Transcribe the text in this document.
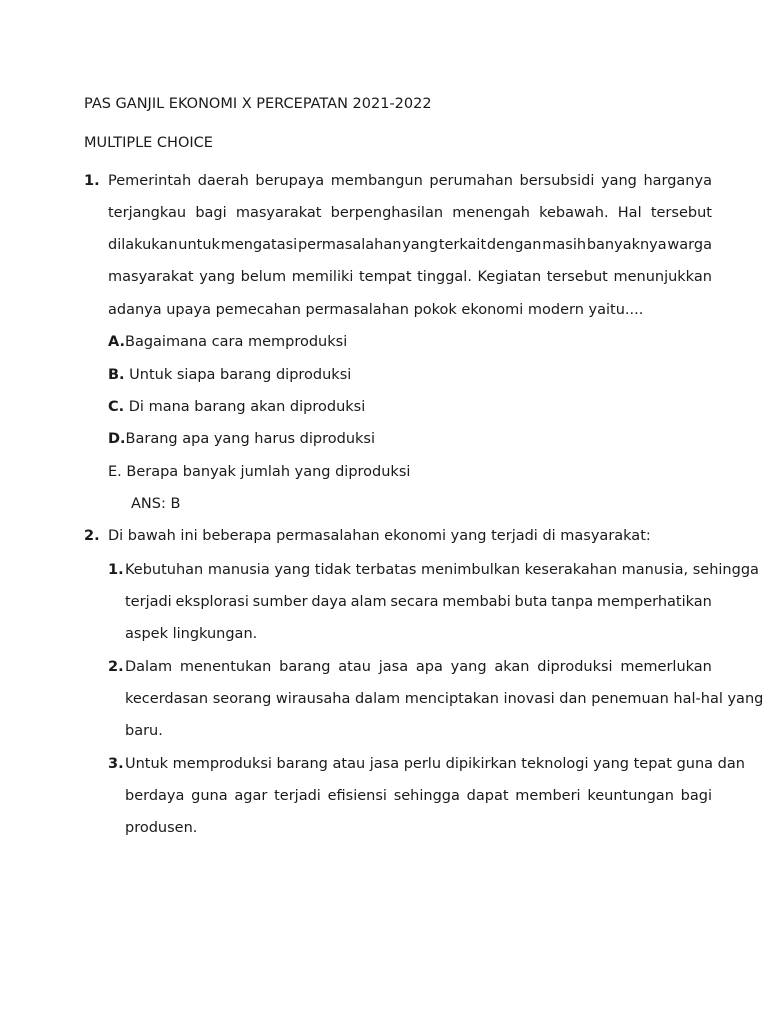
PAS GANJIL EKONOMI X PERCEPATAN 2021-2022
MULTIPLE CHOICE
1. Pemerintah daerah berupaya membangun perumahan bersubsidi yang harganya
terjangkau bagi masyarakat berpenghasilan menengah kebawah. Hal tersebut
dilakukan untuk mengatasi permasalahan yang terkait dengan masih banyaknya warga
masyarakat yang belum memiliki tempat tinggal. Kegiatan tersebut menunjukkan
adanya upaya pemecahan permasalahan pokok ekonomi modern yaitu....
A.Bagaimana cara memproduksi
B. Untuk siapa barang diproduksi
C. Di mana barang akan diproduksi
D.Barang apa yang harus diproduksi
E. Berapa banyak jumlah yang diproduksi
ANS: B
2. Di bawah ini beberapa permasalahan ekonomi yang terjadi di masyarakat:
1. Kebutuhan manusia yang tidak terbatas menimbulkan keserakahan manusia, sehingga
terjadi eksplorasi sumber daya alam secara membabi buta tanpa memperhatikan
aspek lingkungan.
2. Dalam menentukan barang atau jasa apa yang akan diproduksi memerlukan
kecerdasan seorang wirausaha dalam menciptakan inovasi dan penemuan hal-hal yang
baru.
3. Untuk memproduksi barang atau jasa perlu dipikirkan teknologi yang tepat guna dan
berdaya guna agar terjadi efisiensi sehingga dapat memberi keuntungan bagi
produsen.
